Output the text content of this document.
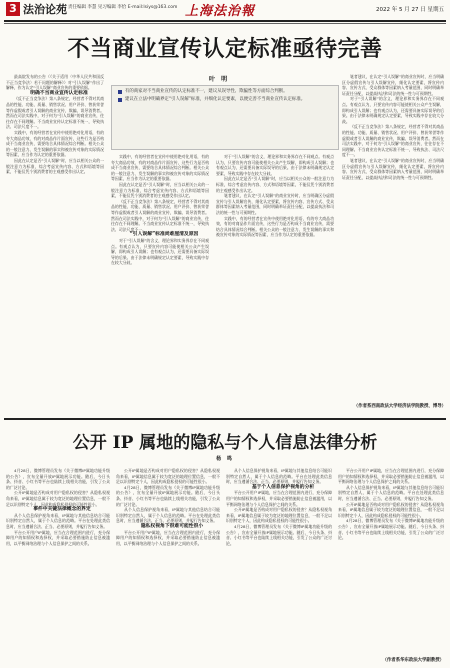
3 法治论苑 责任编辑 李慧 见习编辑 李恰 E-mail:lsiys@163.com 上海法治報	2022 年 5 月 27 日 星期五
不当商业宣传认定标准亟待完善
叶 明
有的商家对不当商业宣传的认定标准不一，建议从误导性、欺骗性等方面综合判断。
建议在立法中明确界定“引人误解”标准，并细化认定要素，以便完善不当商业宣传认定标准。

最高院发布的公告（《关于适用〈中华人民共和国反不正当竞争法〉若干问题的解释》）对“引人误解”作出了解释，作为认定“引人误解”商业宣传的重要依据。

明确不当商业宣传认定标准

《反不正当竞争法》第八条规定，经营者不得对其商品的性能、功能、质量、销售状况、用户评价、曾获荣誉等作虚假或者引人误解的商业宣传，欺骗、误导消费者。然而在司法实践中，对于何为“引人误解”的商业宣传，往往存在不同理解。不当商业宣传认定标准不统一，导致执法、司法尺度不一。

实践中，有的经营者在宣传中使用绝对化用语，有的夸大商品功效，有的对商品作片面宣传，这些行为是否构成不当商业宣传，需要结合具体情况综合判断。相关公众的一般注意力、发生误解的事实和被宣传对象的实际情况等因素，应当作为认定的重要依据。

因此在认定是否“引人误解”时，应当以相关公众的一般注意力为标准，综合考虑宣传内容、方式和语境等因素，不能仅凭个别消费者的主观感受作出认定。

实践中，有的经营者在宣传中使用绝对化用语，有的夸大商品功效，有的对商品作片面宣传，这些行为是否构成不当商业宣传，需要结合具体情况综合判断。相关公众的一般注意力、发生误解的事实和被宣传对象的实际情况等因素，应当作为认定的重要依据。

因此在认定是否“引人误解”时，应当以相关公众的一般注意力为标准，综合考虑宣传内容、方式和语境等因素，不能仅凭个别消费者的主观感受作出认定。

《反不正当竞争法》第八条规定，经营者不得对其商品的性能、功能、质量、销售状况、用户评价、曾获荣誉等作虚假或者引人误解的商业宣传，欺骗、误导消费者。然而在司法实践中，对于何为“引人误解”的商业宣传，往往存在不同理解。不当商业宣传认定标准不统一，导致执法、司法尺度不一。

“引人误解”标准尚难厘清及原因

对于“引人误解”的含义，理论界和实务界存在不同观点。有观点认为，只要宣传内容可能使相关公众产生误解，即构成引人误解；也有观点认为，还需要具备实际误导的后果。由于法律未明确规定认定要素，导致实践中存在较大分歧。

对于“引人误解”的含义，理论界和实务界存在不同观点。有观点认为，只要宣传内容可能使相关公众产生误解，即构成引人误解；也有观点认为，还需要具备实际误导的后果。由于法律未明确规定认定要素，导致实践中存在较大分歧。

因此在认定是否“引人误解”时，应当以相关公众的一般注意力为标准，综合考虑宣传内容、方式和语境等因素，不能仅凭个别消费者的主观感受作出认定。

笔者建议，在认定“引人误解”的商业宣传时，应当明确区分虚假宣传与引人误解宣传，细化认定要素，将宣传内容、宣传方式、受众群体等因素纳入考量范围，同时明确举证责任分配，以提高执法和司法的统一性与可预期性。

实践中，有的经营者在宣传中使用绝对化用语，有的夸大商品功效，有的对商品作片面宣传，这些行为是否构成不当商业宣传，需要结合具体情况综合判断。相关公众的一般注意力、发生误解的事实和被宣传对象的实际情况等因素，应当作为认定的重要依据。

笔者建议，在认定“引人误解”的商业宣传时，应当明确区分虚假宣传与引人误解宣传，细化认定要素，将宣传内容、宣传方式、受众群体等因素纳入考量范围，同时明确举证责任分配，以提高执法和司法的统一性与可预期性。

对于“引人误解”的含义，理论界和实务界存在不同观点。有观点认为，只要宣传内容可能使相关公众产生误解，即构成引人误解；也有观点认为，还需要具备实际误导的后果。由于法律未明确规定认定要素，导致实践中存在较大分歧。

《反不正当竞争法》第八条规定，经营者不得对其商品的性能、功能、质量、销售状况、用户评价、曾获荣誉等作虚假或者引人误解的商业宣传，欺骗、误导消费者。然而在司法实践中，对于何为“引人误解”的商业宣传，往往存在不同理解。不当商业宣传认定标准不统一，导致执法、司法尺度不一。

笔者建议，在认定“引人误解”的商业宣传时，应当明确区分虚假宣传与引人误解宣传，细化认定要素，将宣传内容、宣传方式、受众群体等因素纳入考量范围，同时明确举证责任分配，以提高执法和司法的统一性与可预期性。

（作者系西南政法大学经济法学院教授、博导）
公开 IP 属地的隐私与个人信息法律分析
杨 鸣

4月28日，微博管理员发布《关于微博IP属地功能升级的公告》，宣布全量开放IP属地展示功能。随后，今日头条、抖音、小红书等平台也陆续上线相关功能，引发了公众的广泛讨论。

公开IP属地是否构成对用户隐私权的侵害？从隐私权视角来看，IP属地信息属于较为宽泛的地理位置信息，一般不足以识别特定个人，因此构成隐私侵权的可能性很小。

事件中关键法律概念的界定

从个人信息保护视角来看，IP属地与其他信息结合可能识别特定自然人，属于个人信息的范畴。平台在处理此类信息时，应当遵循合法、正当、必要原则，并履行告知义务。

平台公开用户IP属地，应当在合理范围内进行，充分保障用户的知情权和选择权，并采取必要措施防止信息被滥用，以平衡网络治理与个人信息保护之间的关系。

公开IP属地是否构成对用户隐私权的侵害？从隐私权视角来看，IP属地信息属于较为宽泛的地理位置信息，一般不足以识别特定个人，因此构成隐私侵权的可能性很小。

4月28日，微博管理员发布《关于微博IP属地功能升级的公告》，宣布全量开放IP属地展示功能。随后，今日头条、抖音、小红书等平台也陆续上线相关功能，引发了公众的广泛讨论。

从个人信息保护视角来看，IP属地与其他信息结合可能识别特定自然人，属于个人信息的范畴。平台在处理此类信息时，应当遵循合法、正当、必要原则，并履行告知义务。

隐私权视角下很难可能性很小

平台公开用户IP属地，应当在合理范围内进行，充分保障用户的知情权和选择权，并采取必要措施防止信息被滥用，以平衡网络治理与个人信息保护之间的关系。

从个人信息保护视角来看，IP属地与其他信息结合可能识别特定自然人，属于个人信息的范畴。平台在处理此类信息时，应当遵循合法、正当、必要原则，并履行告知义务。

基于个人信息保护视角的分析

平台公开用户IP属地，应当在合理范围内进行，充分保障用户的知情权和选择权，并采取必要措施防止信息被滥用，以平衡网络治理与个人信息保护之间的关系。

公开IP属地是否构成对用户隐私权的侵害？从隐私权视角来看，IP属地信息属于较为宽泛的地理位置信息，一般不足以识别特定个人，因此构成隐私侵权的可能性很小。

4月28日，微博管理员发布《关于微博IP属地功能升级的公告》，宣布全量开放IP属地展示功能。随后，今日头条、抖音、小红书等平台也陆续上线相关功能，引发了公众的广泛讨论。

平台公开用户IP属地，应当在合理范围内进行，充分保障用户的知情权和选择权，并采取必要措施防止信息被滥用，以平衡网络治理与个人信息保护之间的关系。

从个人信息保护视角来看，IP属地与其他信息结合可能识别特定自然人，属于个人信息的范畴。平台在处理此类信息时，应当遵循合法、正当、必要原则，并履行告知义务。

公开IP属地是否构成对用户隐私权的侵害？从隐私权视角来看，IP属地信息属于较为宽泛的地理位置信息，一般不足以识别特定个人，因此构成隐私侵权的可能性很小。

4月28日，微博管理员发布《关于微博IP属地功能升级的公告》，宣布全量开放IP属地展示功能。随后，今日头条、抖音、小红书等平台也陆续上线相关功能，引发了公众的广泛讨论。

（作者系华东政法大学副教授）
